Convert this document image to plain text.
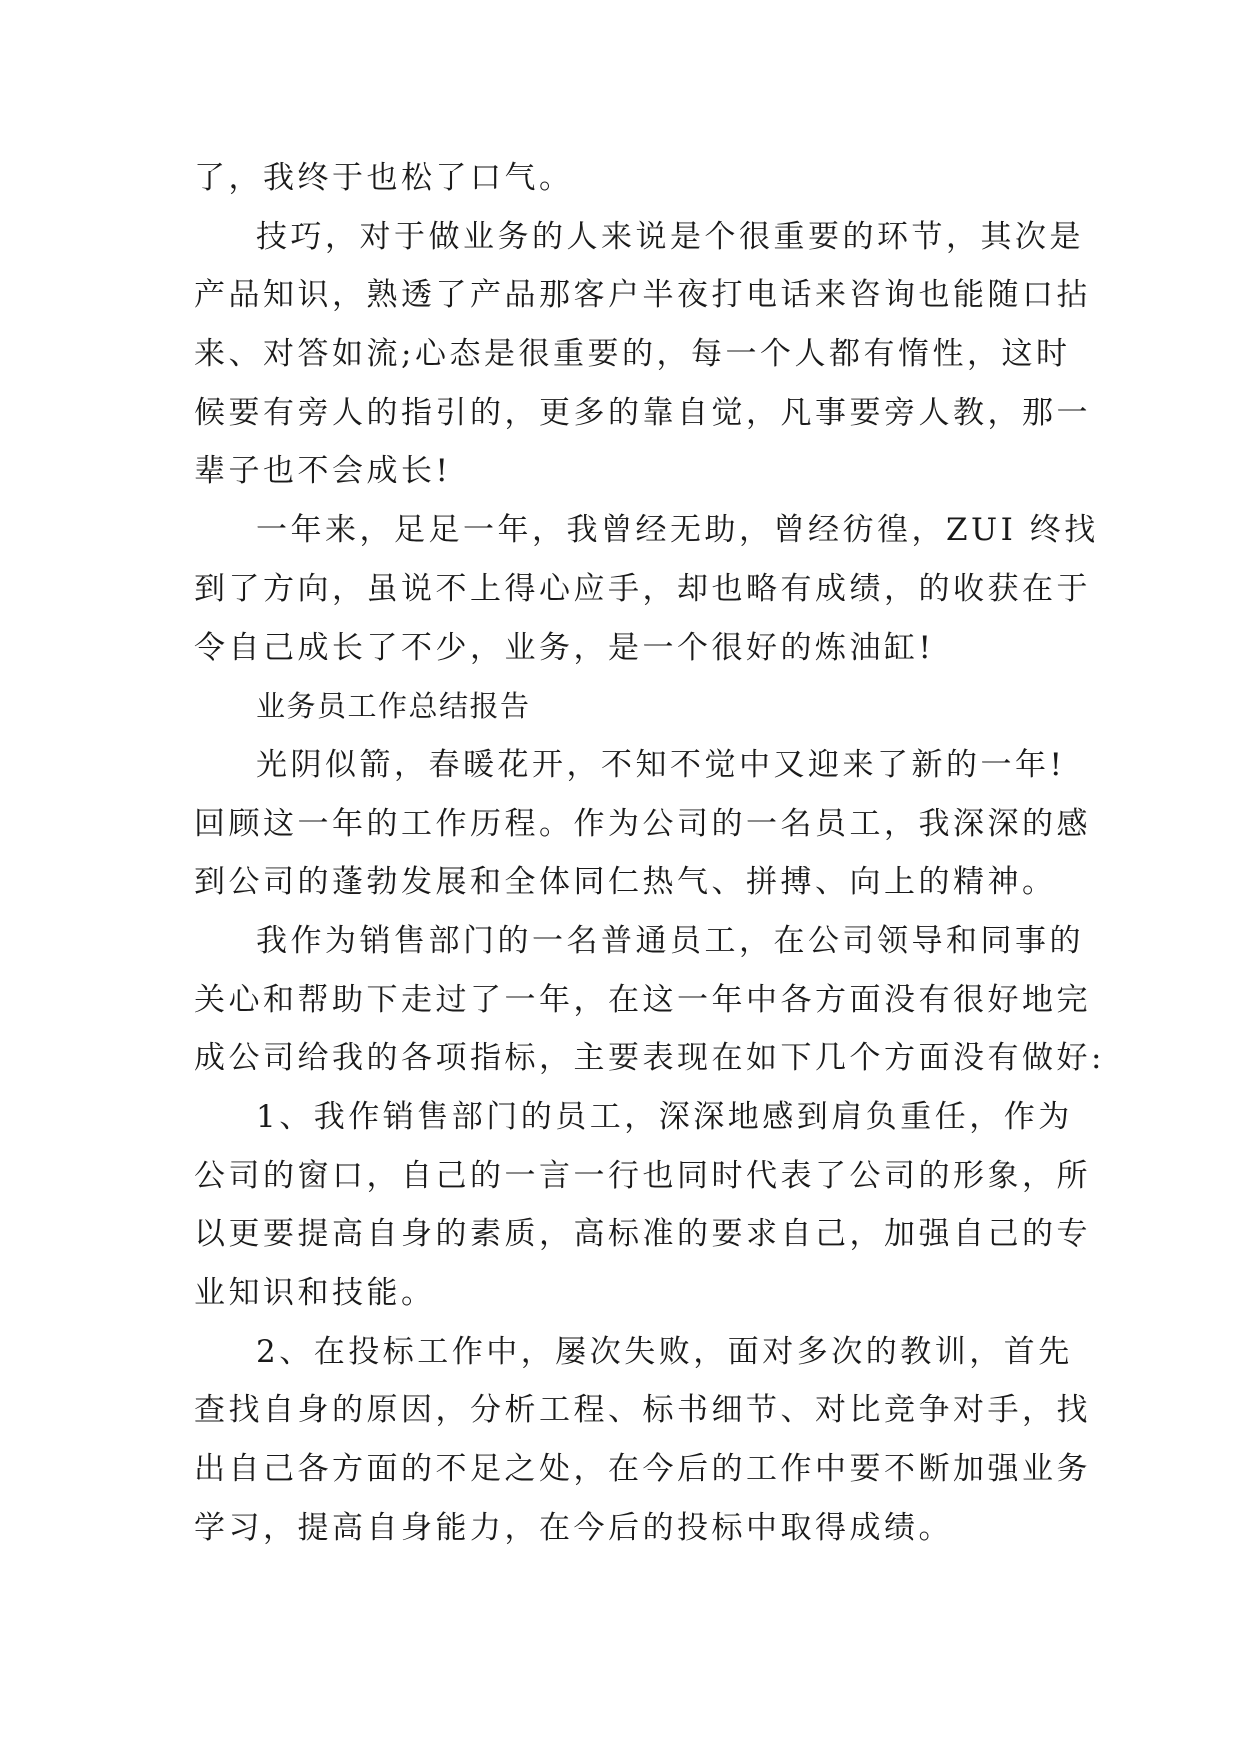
了，我终于也松了口气。
技巧，对于做业务的人来说是个很重要的环节，其次是
产品知识，熟透了产品那客户半夜打电话来咨询也能随口拈
来、对答如流;心态是很重要的，每一个人都有惰性，这时
候要有旁人的指引的，更多的靠自觉，凡事要旁人教，那一
辈子也不会成长!
一年来，足足一年，我曾经无助，曾经彷徨，ZUI 终找
到了方向，虽说不上得心应手，却也略有成绩，的收获在于
令自己成长了不少，业务，是一个很好的炼油缸!
业务员工作总结报告
光阴似箭，春暖花开，不知不觉中又迎来了新的一年!
回顾这一年的工作历程。作为公司的一名员工，我深深的感
到公司的蓬勃发展和全体同仁热气、拼搏、向上的精神。
我作为销售部门的一名普通员工，在公司领导和同事的
关心和帮助下走过了一年，在这一年中各方面没有很好地完
成公司给我的各项指标，主要表现在如下几个方面没有做好:
1、我作销售部门的员工，深深地感到肩负重任，作为
公司的窗口，自己的一言一行也同时代表了公司的形象，所
以更要提高自身的素质，高标准的要求自己，加强自己的专
业知识和技能。
2、在投标工作中，屡次失败，面对多次的教训，首先
查找自身的原因，分析工程、标书细节、对比竞争对手，找
出自己各方面的不足之处，在今后的工作中要不断加强业务
学习，提高自身能力，在今后的投标中取得成绩。
